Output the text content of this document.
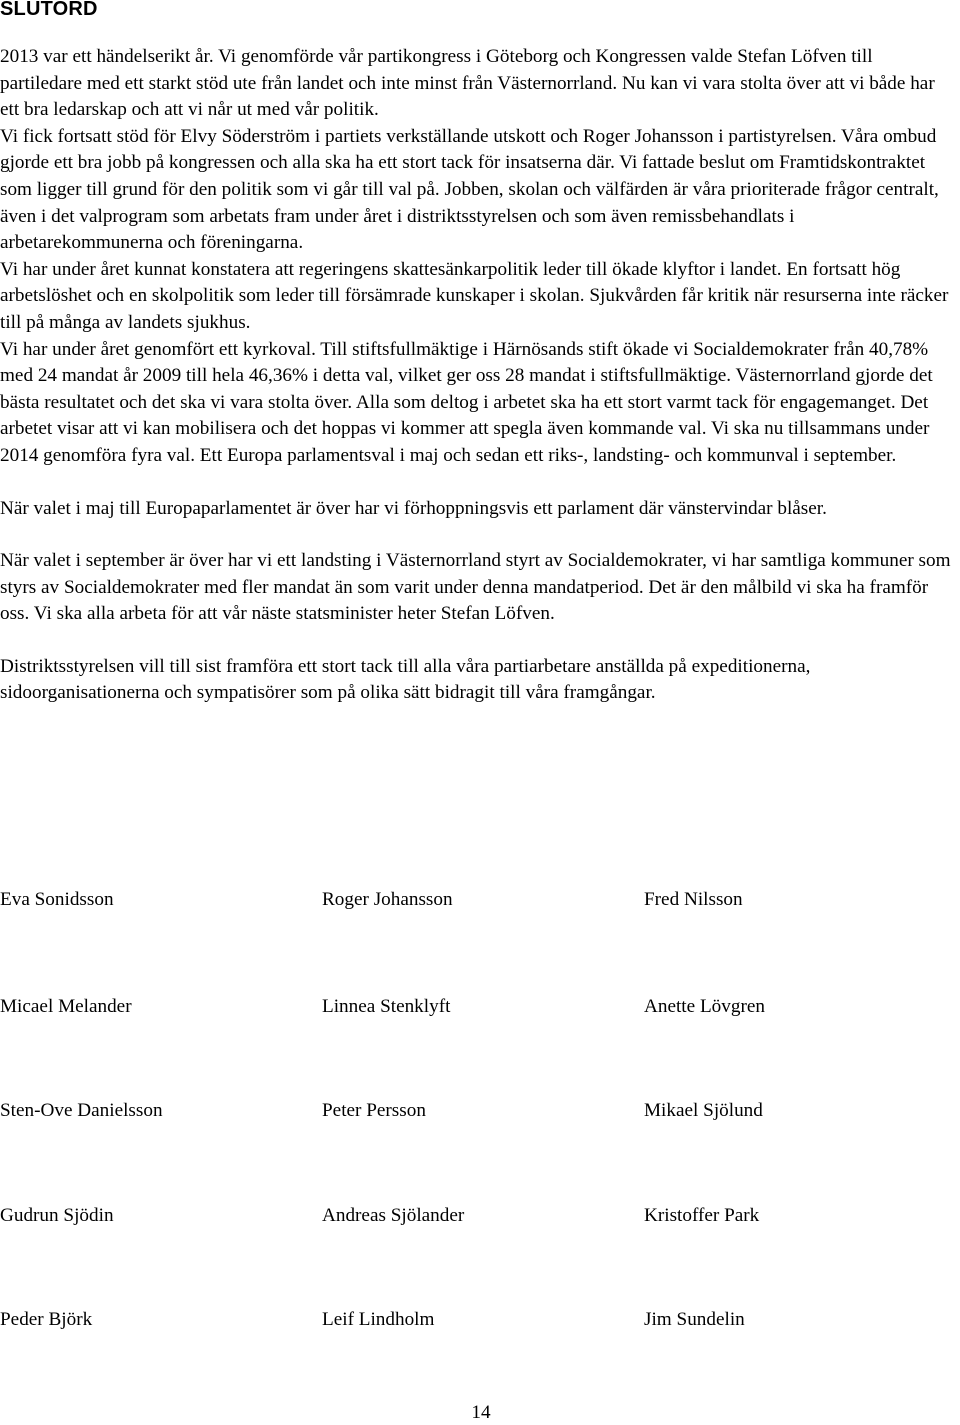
SLUTORD

2013 var ett händelserikt år. Vi genomförde vår partikongress i Göteborg och Kongressen valde Stefan Löfven till partiledare med ett starkt stöd ute från landet och inte minst från Västernorrland. Nu kan vi vara stolta över att vi både har ett bra ledarskap och att vi når ut med vår politik.

Vi fick fortsatt stöd för Elvy Söderström i partiets verkställande utskott och Roger Johansson i partistyrelsen. Våra ombud gjorde ett bra jobb på kongressen och alla ska ha ett stort tack för insatserna där. Vi fattade beslut om Framtidskontraktet som ligger till grund för den politik som vi går till val på. Jobben, skolan och välfärden är våra prioriterade frågor centralt, även i det valprogram som arbetats fram under året i distriktsstyrelsen och som även remissbehandlats i arbetarekommunerna och föreningarna.

Vi har under året kunnat konstatera att regeringens skattesänkarpolitik leder till ökade klyftor i landet. En fortsatt hög arbetslöshet och en skolpolitik som leder till försämrade kunskaper i skolan. Sjukvården får kritik när resurserna inte räcker till på många av landets sjukhus.

Vi har under året genomfört ett kyrkoval. Till stiftsfullmäktige i Härnösands stift ökade vi Socialdemokrater från 40,78% med 24 mandat år 2009 till hela 46,36% i detta val, vilket ger oss 28 mandat i stiftsfullmäktige. Västernorrland gjorde det bästa resultatet och det ska vi vara stolta över. Alla som deltog i arbetet ska ha ett stort varmt tack för engagemanget. Det arbetet visar att vi kan mobilisera och det hoppas vi kommer att spegla även kommande val. Vi ska nu tillsammans under 2014 genomföra fyra val. Ett Europa parlamentsval i maj och sedan ett riks-, landsting- och kommunval i september.

När valet i maj till Europaparlamentet är över har vi förhoppningsvis ett parlament där vänstervindar blåser.

När valet i september är över har vi ett landsting i Västernorrland styrt av Socialdemokrater, vi har samtliga kommuner som styrs av Socialdemokrater med fler mandat än som varit under denna mandatperiod. Det är den målbild vi ska ha framför oss. Vi ska alla arbeta för att vår näste statsminister heter Stefan Löfven.

Distriktsstyrelsen vill till sist framföra ett stort tack till alla våra partiarbetare anställda på expeditionerna, sidoorganisationerna och sympatisörer som på olika sätt bidragit till våra framgångar.

Eva Sonidsson	Roger Johansson	Fred Nilsson
Micael Melander	Linnea Stenklyft	Anette Lövgren
Sten-Ove Danielsson	Peter Persson	Mikael Sjölund
Gudrun Sjödin	Andreas Sjölander	Kristoffer Park
Peder Björk	Leif Lindholm	Jim Sundelin
14
